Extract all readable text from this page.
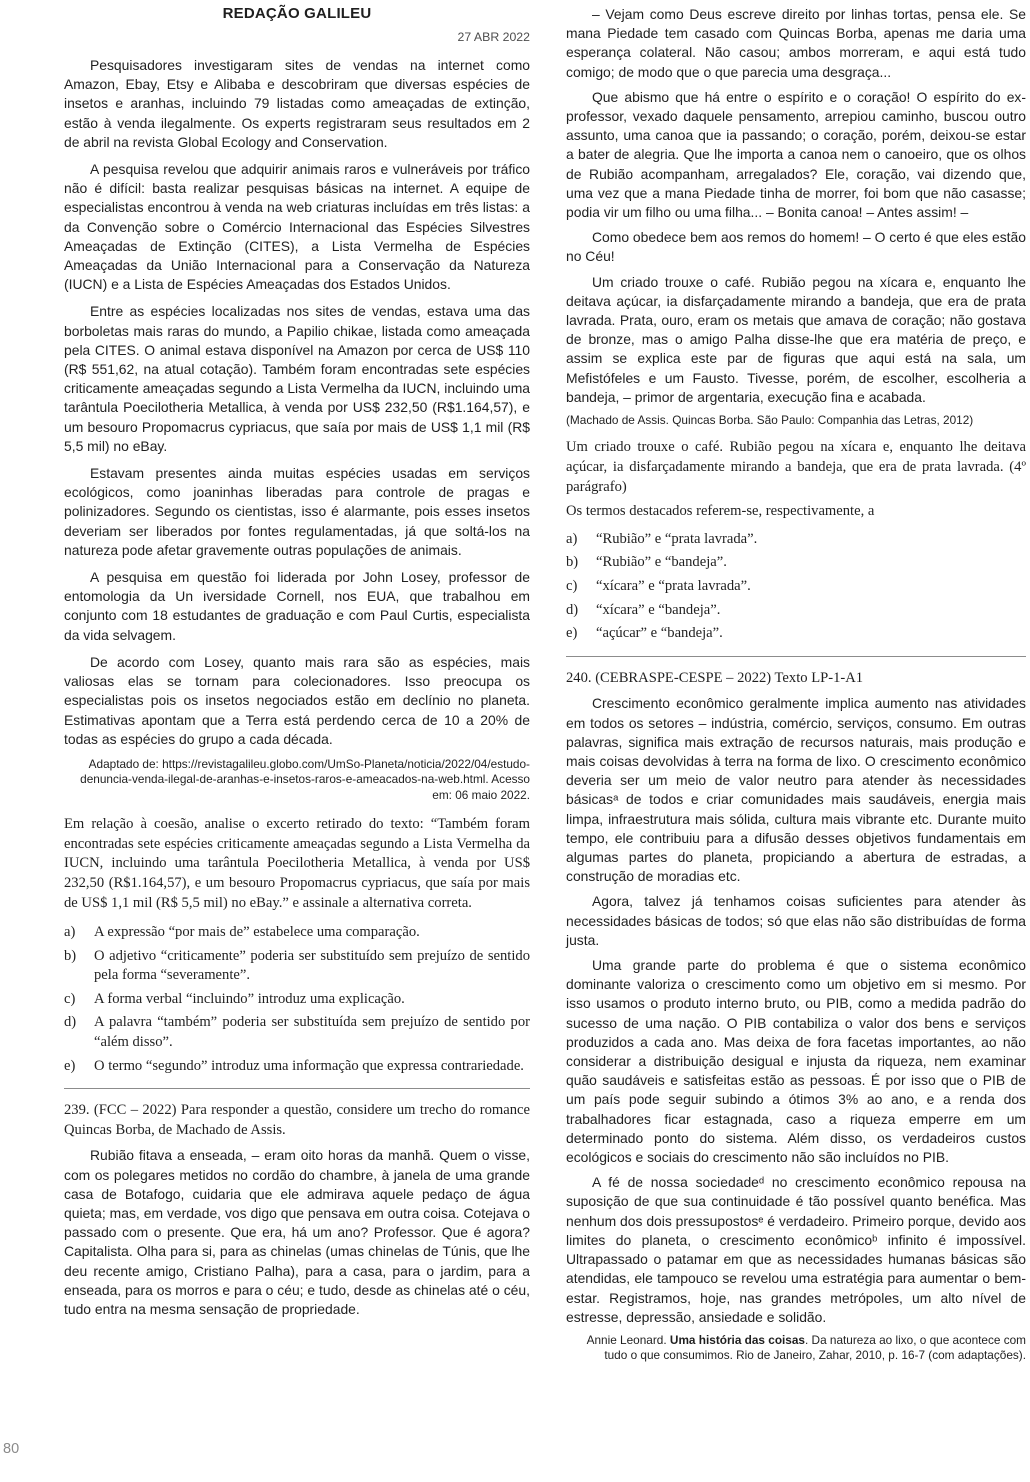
REDAÇÃO GALILEU
27 ABR 2022

Pesquisadores investigaram sites de vendas na internet como Amazon, Ebay, Etsy e Alibaba e descobriram que diversas espécies de insetos e aranhas, incluindo 79 listadas como ameaçadas de extinção, estão à venda ilegalmente. Os experts registraram seus resultados em 2 de abril na revista Global Ecology and Conservation.

A pesquisa revelou que adquirir animais raros e vulneráveis por tráfico não é difícil: basta realizar pesquisas básicas na internet. A equipe de especialistas encontrou à venda na web criaturas incluídas em três listas: a da Convenção sobre o Comércio Internacional das Espécies Silvestres Ameaçadas de Extinção (CITES), a Lista Vermelha de Espécies Ameaçadas da União Internacional para a Conservação da Natureza (IUCN) e a Lista de Espécies Ameaçadas dos Estados Unidos.

Entre as espécies localizadas nos sites de vendas, estava uma das borboletas mais raras do mundo, a Papilio chikae, listada como ameaçada pela CITES. O animal estava disponível na Amazon por cerca de US$ 110 (R$ 551,62, na atual cotação). Também foram encontradas sete espécies criticamente ameaçadas segundo a Lista Vermelha da IUCN, incluindo uma tarântula Poecilotheria Metallica, à venda por US$ 232,50 (R$1.164,57), e um besouro Propomacrus cypriacus, que saía por mais de US$ 1,1 mil (R$ 5,5 mil) no eBay.

Estavam presentes ainda muitas espécies usadas em serviços ecológicos, como joaninhas liberadas para controle de pragas e polinizadores. Segundo os cientistas, isso é alarmante, pois esses insetos deveriam ser liberados por fontes regulamentadas, já que soltá-los na natureza pode afetar gravemente outras populações de animais.

A pesquisa em questão foi liderada por John Losey, professor de entomologia da Un iversidade Cornell, nos EUA, que trabalhou em conjunto com 18 estudantes de graduação e com Paul Curtis, especialista da vida selvagem.

De acordo com Losey, quanto mais rara são as espécies, mais valiosas elas se tornam para colecionadores. Isso preocupa os especialistas pois os insetos negociados estão em declínio no planeta. Estimativas apontam que a Terra está perdendo cerca de 10 a 20% de todas as espécies do grupo a cada década.

Adaptado de: https://revistagalileu.globo.com/UmSo-Planeta/noticia/2022/04/estudo-denuncia-venda-ilegal-de-aranhas-e-insetos-raros-e-ameacados-na-web.html. Acesso em: 06 maio 2022.

Em relação à coesão, analise o excerto retirado do texto: “Também foram encontradas sete espécies criticamente ameaçadas segundo a Lista Vermelha da IUCN, incluindo uma tarântula Poecilotheria Metallica, à venda por US$ 232,50 (R$1.164,57), e um besouro Propomacrus cypriacus, que saía por mais de US$ 1,1 mil (R$ 5,5 mil) no eBay.” e assinale a alternativa correta.

a)	A expressão “por mais de” estabelece uma comparação.
b)	O adjetivo “criticamente” poderia ser substituído sem prejuízo de sentido pela forma “severamente”.
c)	A forma verbal “incluindo” introduz uma explicação.
d)	A palavra “também” poderia ser substituída sem prejuízo de sentido por “além disso”.
e)	O termo “segundo” introduz uma informação que expressa contrariedade.

239. (FCC – 2022) Para responder a questão, considere um trecho do romance Quincas Borba, de Machado de Assis.

Rubião fitava a enseada, – eram oito horas da manhã. Quem o visse, com os polegares metidos no cordão do chambre, à janela de uma grande casa de Botafogo, cuidaria que ele admirava aquele pedaço de água quieta; mas, em verdade, vos digo que pensava em outra coisa. Cotejava o passado com o presente. Que era, há um ano? Professor. Que é agora? Capitalista. Olha para si, para as chinelas (umas chinelas de Túnis, que lhe deu recente amigo, Cristiano Palha), para a casa, para o jardim, para a enseada, para os morros e para o céu; e tudo, desde as chinelas até o céu, tudo entra na mesma sensação de propriedade.

– Vejam como Deus escreve direito por linhas tortas, pensa ele. Se mana Piedade tem casado com Quincas Borba, apenas me daria uma esperança colateral. Não casou; ambos morreram, e aqui está tudo comigo; de modo que o que parecia uma desgraça...

Que abismo que há entre o espírito e o coração! O espírito do ex-professor, vexado daquele pensamento, arrepiou caminho, buscou outro assunto, uma canoa que ia passando; o coração, porém, deixou-se estar a bater de alegria. Que lhe importa a canoa nem o canoeiro, que os olhos de Rubião acompanham, arregalados? Ele, coração, vai dizendo que, uma vez que a mana Piedade tinha de morrer, foi bom que não casasse; podia vir um filho ou uma filha... – Bonita canoa! – Antes assim! –

Como obedece bem aos remos do homem! – O certo é que eles estão no Céu!

Um criado trouxe o café. Rubião pegou na xícara e, enquanto lhe deitava açúcar, ia disfarçadamente mirando a bandeja, que era de prata lavrada. Prata, ouro, eram os metais que amava de coração; não gostava de bronze, mas o amigo Palha disse-lhe que era matéria de preço, e assim se explica este par de figuras que aqui está na sala, um Mefistófeles e um Fausto. Tivesse, porém, de escolher, escolheria a bandeja, – primor de argentaria, execução fina e acabada.

(Machado de Assis. Quincas Borba. São Paulo: Companhia das Letras, 2012)

Um criado trouxe o café. Rubião pegou na xícara e, enquanto lhe deitava açúcar, ia disfarçadamente mirando a bandeja, que era de prata lavrada. (4º parágrafo)

Os termos destacados referem-se, respectivamente, a

a)	“Rubião” e “prata lavrada”.
b)	“Rubião” e “bandeja”.
c)	“xícara” e “prata lavrada”.
d)	“xícara” e “bandeja”.
e)	“açúcar” e “bandeja”.

240. (CEBRASPE-CESPE – 2022) Texto LP-1-A1

Crescimento econômico geralmente implica aumento nas atividades em todos os setores – indústria, comércio, serviços, consumo. Em outras palavras, significa mais extração de recursos naturais, mais produção e mais coisas devolvidas à terra na forma de lixo. O crescimento econômico deveria ser um meio de valor neutro para atender às necessidades básicasᵃ de todos e criar comunidades mais saudáveis, energia mais limpa, infraestrutura mais sólida, cultura mais vibrante etc. Durante muito tempo, ele contribuiu para a difusão desses objetivos fundamentais em algumas partes do planeta, propiciando a abertura de estradas, a construção de moradias etc.

Agora, talvez já tenhamos coisas suficientes para atender às necessidades básicas de todos; só que elas não são distribuídas de forma justa.

Uma grande parte do problema é que o sistema econômico dominante valoriza o crescimento como um objetivo em si mesmo. Por isso usamos o produto interno bruto, ou PIB, como a medida padrão do sucesso de uma nação. O PIB contabiliza o valor dos bens e serviços produzidos a cada ano. Mas deixa de fora facetas importantes, ao não considerar a distribuição desigual e injusta da riqueza, nem examinar quão saudáveis e satisfeitas estão as pessoas. É por isso que o PIB de um país pode seguir subindo a ótimos 3% ao ano, e a renda dos trabalhadores ficar estagnada, caso a riqueza emperre em um determinado ponto do sistema. Além disso, os verdadeiros custos ecológicos e sociais do crescimento não são incluídos no PIB.

A fé de nossa sociedadeᵈ no crescimento econômico repousa na suposição de que sua continuidade é tão possível quanto benéfica. Mas nenhum dos dois pressupostosᵉ é verdadeiro. Primeiro porque, devido aos limites do planeta, o crescimento econômicoᵇ infinito é impossível. Ultrapassado o patamar em que as necessidades humanas básicas são atendidas, ele tampouco se revelou uma estratégia para aumentar o bem-estar. Registramos, hoje, nas grandes metrópoles, um alto nível de estresse, depressão, ansiedade e solidão.

Annie Leonard. Uma história das coisas. Da natureza ao lixo, o que acontece com tudo o que consumimos. Rio de Janeiro, Zahar, 2010, p. 16-7 (com adaptações).

80
